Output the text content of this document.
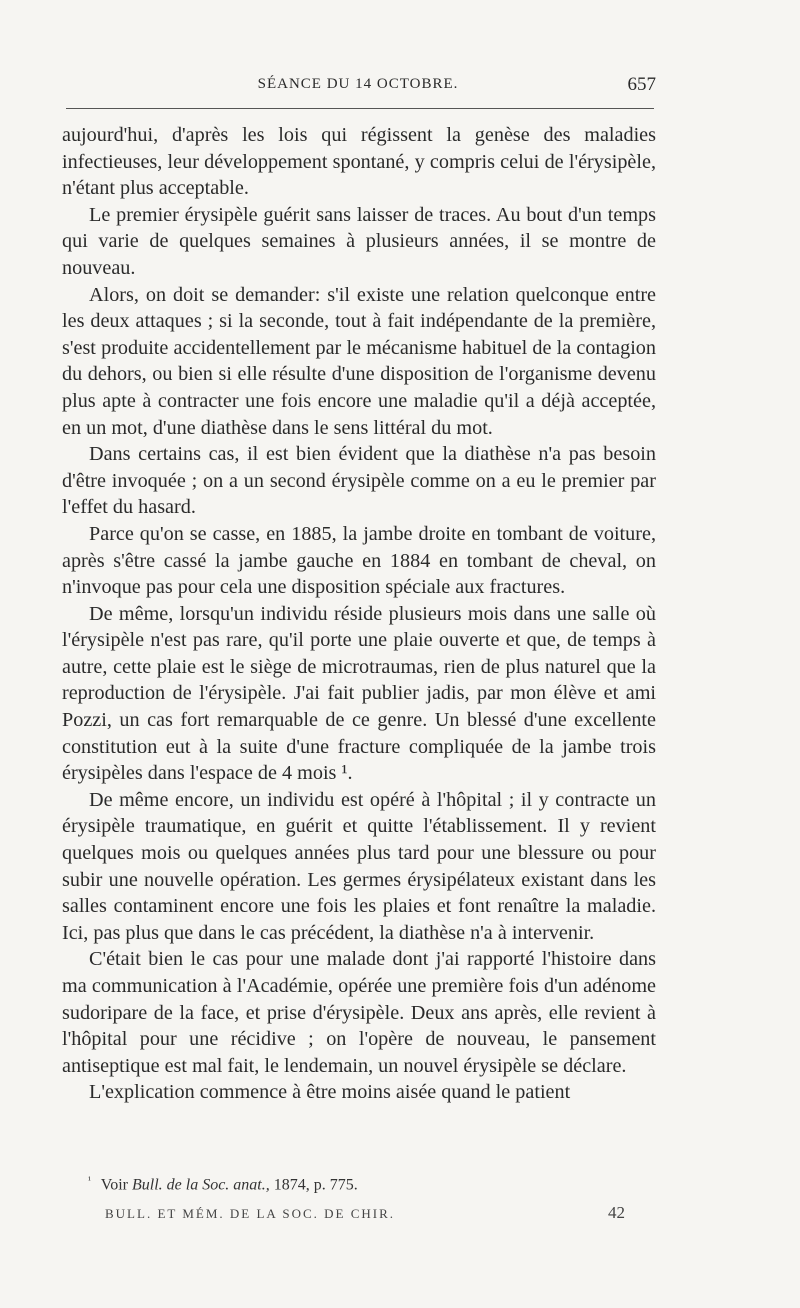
SÉANCE DU 14 OCTOBRE.	657

aujourd'hui, d'après les lois qui régissent la genèse des maladies infectieuses, leur développement spontané, y compris celui de l'érysipèle, n'étant plus acceptable.

Le premier érysipèle guérit sans laisser de traces. Au bout d'un temps qui varie de quelques semaines à plusieurs années, il se montre de nouveau.

Alors, on doit se demander: s'il existe une relation quelconque entre les deux attaques ; si la seconde, tout à fait indépendante de la première, s'est produite accidentellement par le mécanisme habituel de la contagion du dehors, ou bien si elle résulte d'une disposition de l'organisme devenu plus apte à contracter une fois encore une maladie qu'il a déjà acceptée, en un mot, d'une diathèse dans le sens littéral du mot.

Dans certains cas, il est bien évident que la diathèse n'a pas besoin d'être invoquée ; on a un second érysipèle comme on a eu le premier par l'effet du hasard.

Parce qu'on se casse, en 1885, la jambe droite en tombant de voiture, après s'être cassé la jambe gauche en 1884 en tombant de cheval, on n'invoque pas pour cela une disposition spéciale aux fractures.

De même, lorsqu'un individu réside plusieurs mois dans une salle où l'érysipèle n'est pas rare, qu'il porte une plaie ouverte et que, de temps à autre, cette plaie est le siège de microtraumas, rien de plus naturel que la reproduction de l'érysipèle. J'ai fait publier jadis, par mon élève et ami Pozzi, un cas fort remarquable de ce genre. Un blessé d'une excellente constitution eut à la suite d'une fracture compliquée de la jambe trois érysipèles dans l'espace de 4 mois ¹.

De même encore, un individu est opéré à l'hôpital ; il y contracte un érysipèle traumatique, en guérit et quitte l'établissement. Il y revient quelques mois ou quelques années plus tard pour une blessure ou pour subir une nouvelle opération. Les germes érysipélateux existant dans les salles contaminent encore une fois les plaies et font renaître la maladie. Ici, pas plus que dans le cas précédent, la diathèse n'a à intervenir.

C'était bien le cas pour une malade dont j'ai rapporté l'histoire dans ma communication à l'Académie, opérée une première fois d'un adénome sudoripare de la face, et prise d'érysipèle. Deux ans après, elle revient à l'hôpital pour une récidive ; on l'opère de nouveau, le pansement antiseptique est mal fait, le lendemain, un nouvel érysipèle se déclare.

L'explication commence à être moins aisée quand le patient

$^{^1}$ Voir Bull. de la Soc. anat., 1874, p. 775.
BULL. ET MÉM. DE LA SOC. DE CHIR.	42
